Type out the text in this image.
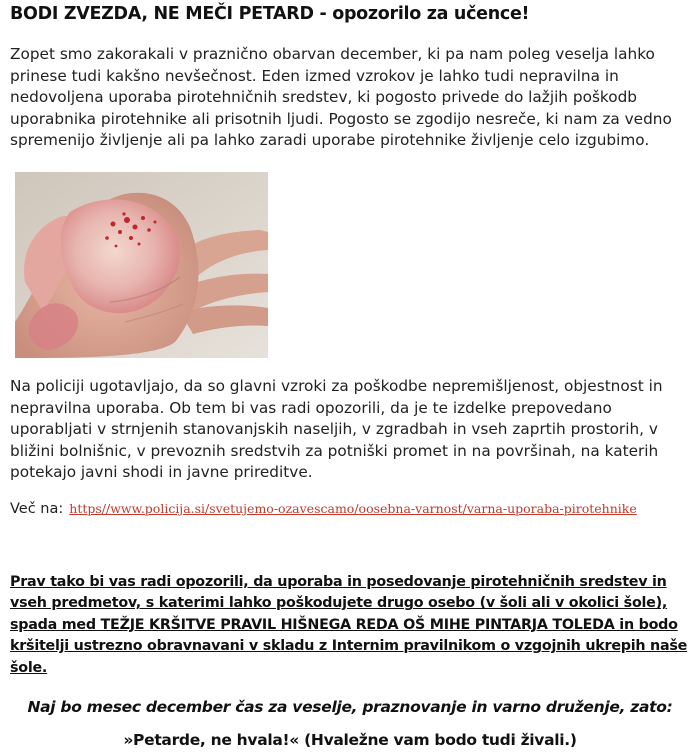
BODI ZVEZDA, NE MEČI PETARD - opozorilo za učence!
Zopet smo zakorakali v praznično obarvan december, ki pa nam poleg veselja lahko prinese tudi kakšno nevšečnost. Eden izmed vzrokov je lahko tudi nepravilna in nedovoljena uporaba pirotehničnih sredstev, ki pogosto privede do lažjih poškodb uporabnika pirotehnike ali prisotnih ljudi. Pogosto se zgodijo nesreče, ki nam za vedno spremenijo življenje ali pa lahko zaradi uporabe pirotehnike življenje celo izgubimo.
Na policiji ugotavljajo, da so glavni vzroki za poškodbe nepremišljenost, objestnost in nepravilna uporaba. Ob tem bi vas radi opozorili, da je te izdelke prepovedano uporabljati v strnjenih stanovanjskih naseljih, v zgradbah in vseh zaprtih prostorih, v bližini bolnišnic, v prevoznih sredstvih za potniški promet in na površinah, na katerih potekajo javni shodi in javne prireditve.
Več na: https//www.policija.si/svetujemo-ozavescamo/oosebna-varnost/varna-uporaba-pirotehnike
Prav tako bi vas radi opozorili, da uporaba in posedovanje pirotehničnih sredstev in vseh predmetov, s katerimi lahko poškodujete drugo osebo (v šoli ali v okolici šole), spada med TEŽJE KRŠITVE PRAVIL HIŠNEGA REDA OŠ MIHE PINTARJA TOLEDA in bodo kršitelji ustrezno obravnavani v skladu z Internim pravilnikom o vzgojnih ukrepih naše šole.
Naj bo mesec december čas za veselje, praznovanje in varno druženje, zato:
»Petarde, ne hvala!« (Hvaležne vam bodo tudi živali.)
